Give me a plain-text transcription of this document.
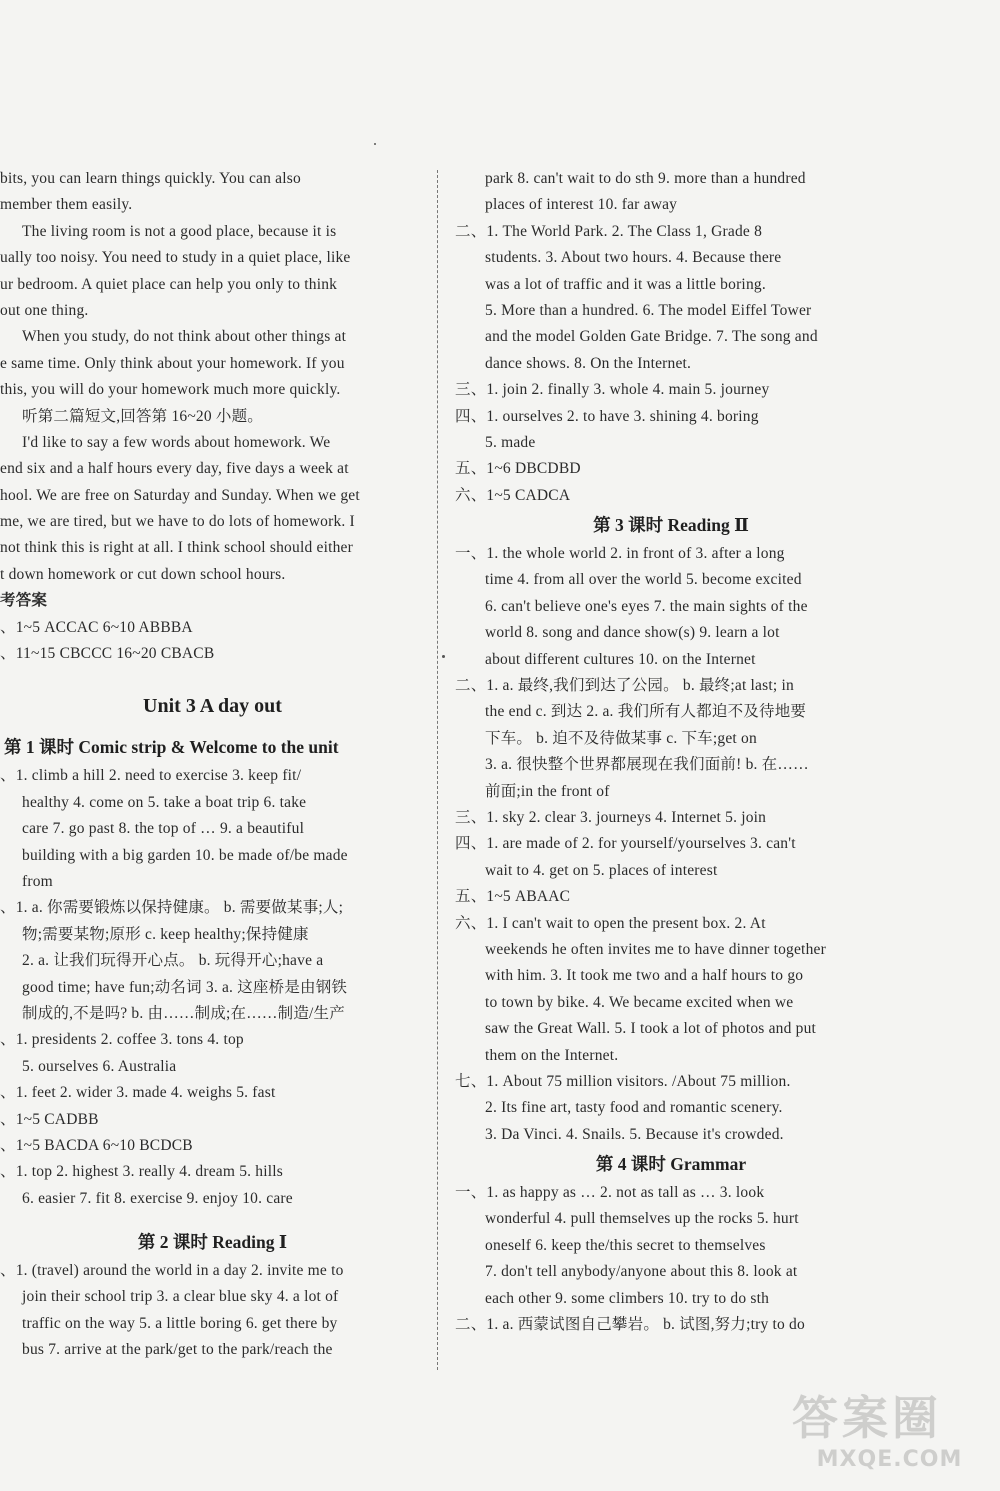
bits, you can learn things quickly. You can also
member them easily.
The living room is not a good place, because it is
ually too noisy. You need to study in a quiet place, like
ur bedroom. A quiet place can help you only to think
out one thing.
When you study, do not think about other things at
e same time. Only think about your homework. If you
this, you will do your homework much more quickly.
听第二篇短文,回答第 16~20 小题。
I'd like to say a few words about homework. We
end six and a half hours every day, five days a week at
hool. We are free on Saturday and Sunday. When we get
me, we are tired, but we have to do lots of homework. I
not think this is right at all. I think school should either
t down homework or cut down school hours.
考答案
、1~5 ACCAC 6~10 ABBBA
、11~15 CBCCC 16~20 CBACB
Unit 3 A day out
第 1 课时 Comic strip & Welcome to the unit
、1. climb a hill 2. need to exercise 3. keep fit/
healthy 4. come on 5. take a boat trip 6. take
care 7. go past 8. the top of … 9. a beautiful
building with a big garden 10. be made of/be made
from
、1. a. 你需要锻炼以保持健康。 b. 需要做某事;人;
物;需要某物;原形 c. keep healthy;保持健康
2. a. 让我们玩得开心点。 b. 玩得开心;have a
good time; have fun;动名词 3. a. 这座桥是由钢铁
制成的,不是吗? b. 由……制成;在……制造/生产
、1. presidents 2. coffee 3. tons 4. top
5. ourselves 6. Australia
、1. feet 2. wider 3. made 4. weighs 5. fast
、1~5 CADBB
、1~5 BACDA 6~10 BCDCB
、1. top 2. highest 3. really 4. dream 5. hills
6. easier 7. fit 8. exercise 9. enjoy 10. care
第 2 课时 Reading Ⅰ
、1. (travel) around the world in a day 2. invite me to
join their school trip 3. a clear blue sky 4. a lot of
traffic on the way 5. a little boring 6. get there by
bus 7. arrive at the park/get to the park/reach the
park 8. can't wait to do sth 9. more than a hundred
places of interest 10. far away
二、1. The World Park. 2. The Class 1, Grade 8
students. 3. About two hours. 4. Because there
was a lot of traffic and it was a little boring.
5. More than a hundred. 6. The model Eiffel Tower
and the model Golden Gate Bridge. 7. The song and
dance shows. 8. On the Internet.
三、1. join 2. finally 3. whole 4. main 5. journey
四、1. ourselves 2. to have 3. shining 4. boring
5. made
五、1~6 DBCDBD
六、1~5 CADCA
第 3 课时 Reading Ⅱ
一、1. the whole world 2. in front of 3. after a long
time 4. from all over the world 5. become excited
6. can't believe one's eyes 7. the main sights of the
world 8. song and dance show(s) 9. learn a lot
about different cultures 10. on the Internet
二、1. a. 最终,我们到达了公园。 b. 最终;at last; in
the end c. 到达 2. a. 我们所有人都迫不及待地要
下车。 b. 迫不及待做某事 c. 下车;get on
3. a. 很快整个世界都展现在我们面前! b. 在……
前面;in the front of
三、1. sky 2. clear 3. journeys 4. Internet 5. join
四、1. are made of 2. for yourself/yourselves 3. can't
wait to 4. get on 5. places of interest
五、1~5 ABAAC
六、1. I can't wait to open the present box. 2. At
weekends he often invites me to have dinner together
with him. 3. It took me two and a half hours to go
to town by bike. 4. We became excited when we
saw the Great Wall. 5. I took a lot of photos and put
them on the Internet.
七、1. About 75 million visitors. /About 75 million.
2. Its fine art, tasty food and romantic scenery.
3. Da Vinci. 4. Snails. 5. Because it's crowded.
第 4 课时 Grammar
一、1. as happy as … 2. not as tall as … 3. look
wonderful 4. pull themselves up the rocks 5. hurt
oneself 6. keep the/this secret to themselves
7. don't tell anybody/anyone about this 8. look at
each other 9. some climbers 10. try to do sth
二、1. a. 西蒙试图自己攀岩。 b. 试图,努力;try to do
答案圈
MXQE.COM
